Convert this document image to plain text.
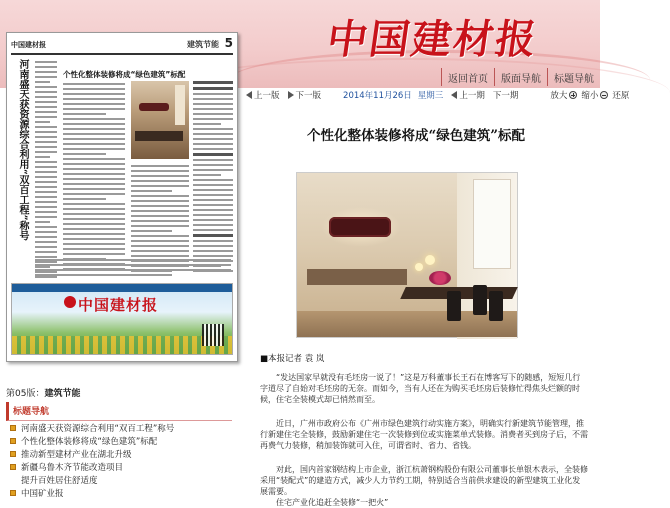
中国建材报
返回首页	版面导航	标题导航
中国建材报	建筑节能 5
河南盛天获资源综合利用“双百工程”称号	个性化整体装修将成“绿色建筑”标配
中国建材报
第05版：建筑节能
标题导航
河南盛天获资源综合利用“双百工程”称号
个性化整体装修将成“绿色建筑”标配
推动新型建材产业在湖北升级
新疆乌鲁木齐节能改造项目
提升百姓居住舒适度
中国矿业报
上一版 下一版	2014年11月26日 星期三 上一期 下一期	放大 缩小 还原
个性化整体装修将成“绿色建筑”标配
■本报记者 袁 岚

“发达国家早就没有毛坯房一说了！”这是万科董事长王石在博客写下的随感，短短几行字道尽了自始对毛坯房的无奈。而如今，当有人还在为购买毛坯房后装修忙得焦头烂额的时候，住宅全装模式却已悄然而至。

近日，广州市政府公布《广州市绿色建筑行动实施方案》，明确实行新建筑节能管理，推行新建住宅全装修，鼓励新建住宅一次装修到位或实施菜单式装修。消费者买到房子后，不需再费气力装修，稍加装饰就可入住，可谓省时、省力、省钱。

对此，国内首家钢结构上市企业，浙江杭萧钢构股份有限公司董事长单银木表示，全装修采用“装配式”的建造方式，减少人力节约工期，特别适合当前供求建设的新型建筑工业化发展需要。

住宅产业化追赶全装修“一把火”
